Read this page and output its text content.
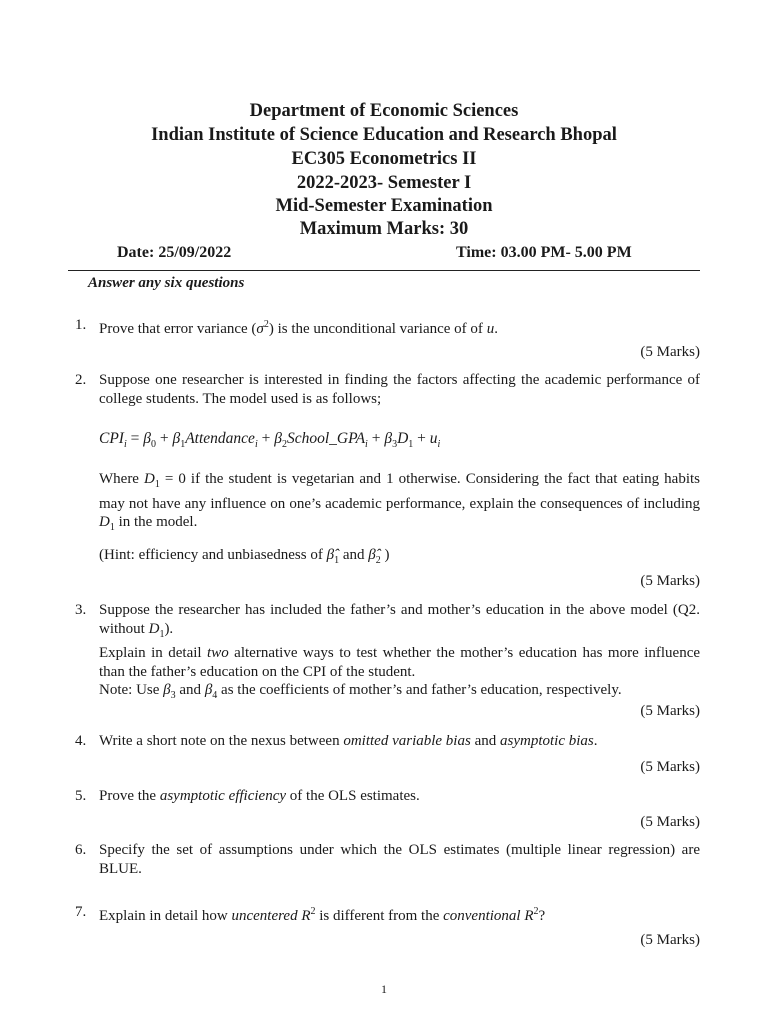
Department of Economic Sciences
Indian Institute of Science Education and Research Bhopal
EC305 Econometrics II
2022-2023- Semester I
Mid-Semester Examination
Maximum Marks: 30
Date: 25/09/2022	Time: 03.00 PM- 5.00 PM
Answer any six questions
1. Prove that error variance $(\sigma^2)$ is the unconditional variance of of u.
(5 Marks)
2. Suppose one researcher is interested in finding the factors affecting the academic performance of college students. The model used is as follows;
$CPI_i = \beta_0$ + $\beta_1Attendance_i$ + $\beta_2School\_GPA_i + \beta_3D_1 + u_i$
Where $D_1 = 0$ if the student is vegetarian and 1 otherwise. Considering the fact that eating habits may not have any influence on one’s academic performance, explain the consequences of including $D_1$ in the model.
(Hint: efficiency and unbiasedness of $\betâ_1$ and $\betâ_2$ )
(5 Marks)
3. Suppose the researcher has included the father’s and mother’s education in the above model (Q2. without $D_1$).
Explain in detail two alternative ways to test whether the mother’s education has more influence than the father’s education on the CPI of the student.
Note: Use $\beta_3$ and $\beta_4$ as the coefficients of mother’s and father’s education, respectively.
(5 Marks)
4. Write a short note on the nexus between omitted variable bias and asymptotic bias.
(5 Marks)
5. Prove the asymptotic efficiency of the OLS estimates.
(5 Marks)
6. Specify the set of assumptions under which the OLS estimates (multiple linear regression) are BLUE.
7. Explain in detail how uncentered $R^2$ is different from the conventional $R^2$?
(5 Marks)
1
